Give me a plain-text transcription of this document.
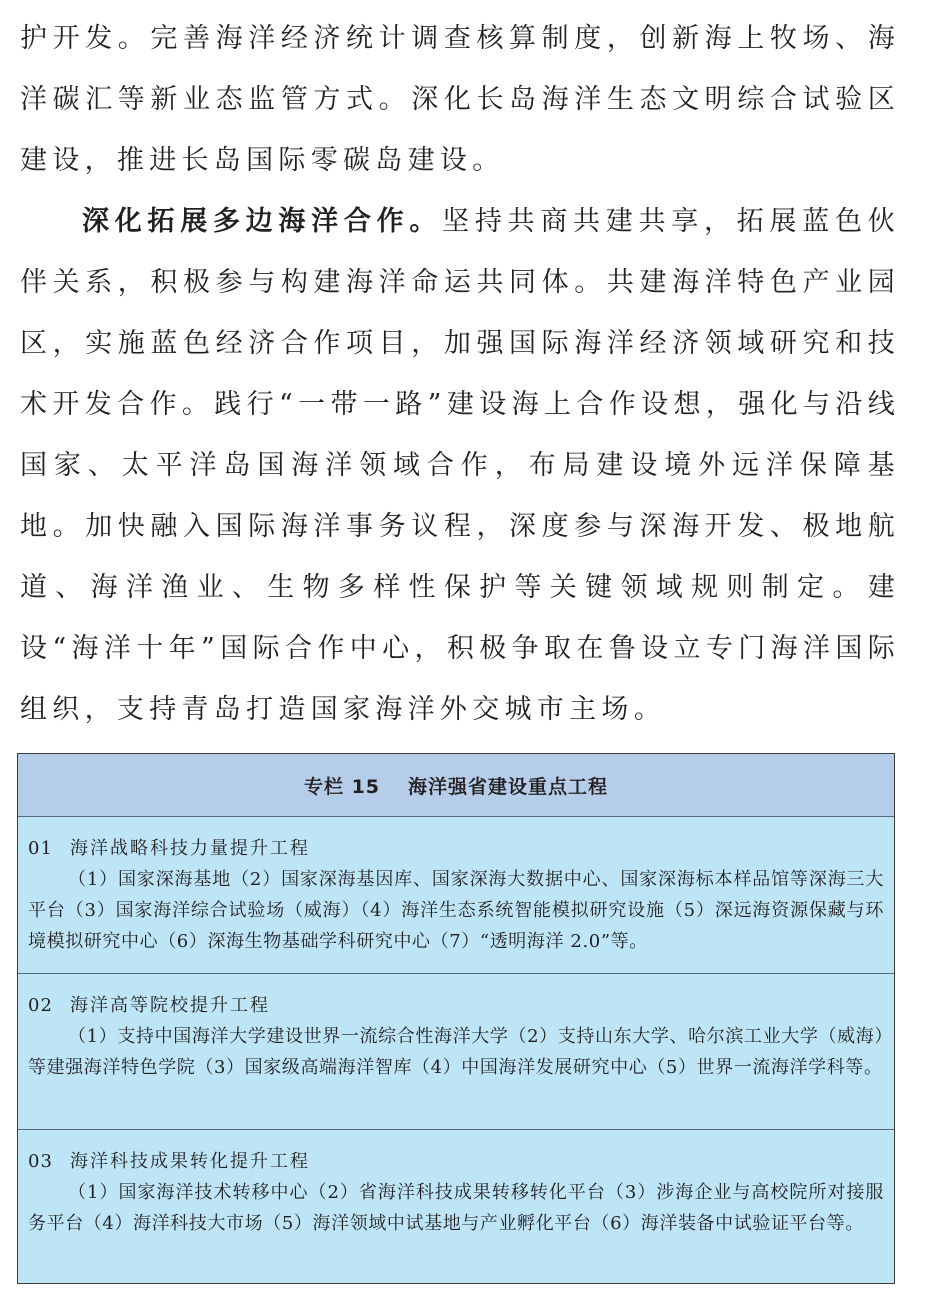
护开发。完善海洋经济统计调查核算制度，创新海上牧场、海洋碳汇等新业态监管方式。深化长岛海洋生态文明综合试验区建设，推进长岛国际零碳岛建设。

深化拓展多边海洋合作。坚持共商共建共享，拓展蓝色伙伴关系，积极参与构建海洋命运共同体。共建海洋特色产业园区，实施蓝色经济合作项目，加强国际海洋经济领域研究和技术开发合作。践行“一带一路”建设海上合作设想，强化与沿线国家、太平洋岛国海洋领域合作，布局建设境外远洋保障基地。加快融入国际海洋事务议程，深度参与深海开发、极地航道、海洋渔业、生物多样性保护等关键领域规则制定。建设“海洋十年”国际合作中心，积极争取在鲁设立专门海洋国际组织，支持青岛打造国家海洋外交城市主场。

专栏 15 海洋强省建设重点工程
01 海洋战略科技力量提升工程
（1）国家深海基地（2）国家深海基因库、国家深海大数据中心、国家深海标本样品馆等深海三大平台（3）国家海洋综合试验场（威海）（4）海洋生态系统智能模拟研究设施（5）深远海资源保藏与环境模拟研究中心（6）深海生物基础学科研究中心（7）“透明海洋 2.0”等。
02 海洋高等院校提升工程
（1）支持中国海洋大学建设世界一流综合性海洋大学（2）支持山东大学、哈尔滨工业大学（威海）等建强海洋特色学院（3）国家级高端海洋智库（4）中国海洋发展研究中心（5）世界一流海洋学科等。
03 海洋科技成果转化提升工程
（1）国家海洋技术转移中心（2）省海洋科技成果转移转化平台（3）涉海企业与高校院所对接服务平台（4）海洋科技大市场（5）海洋领域中试基地与产业孵化平台（6）海洋装备中试验证平台等。
